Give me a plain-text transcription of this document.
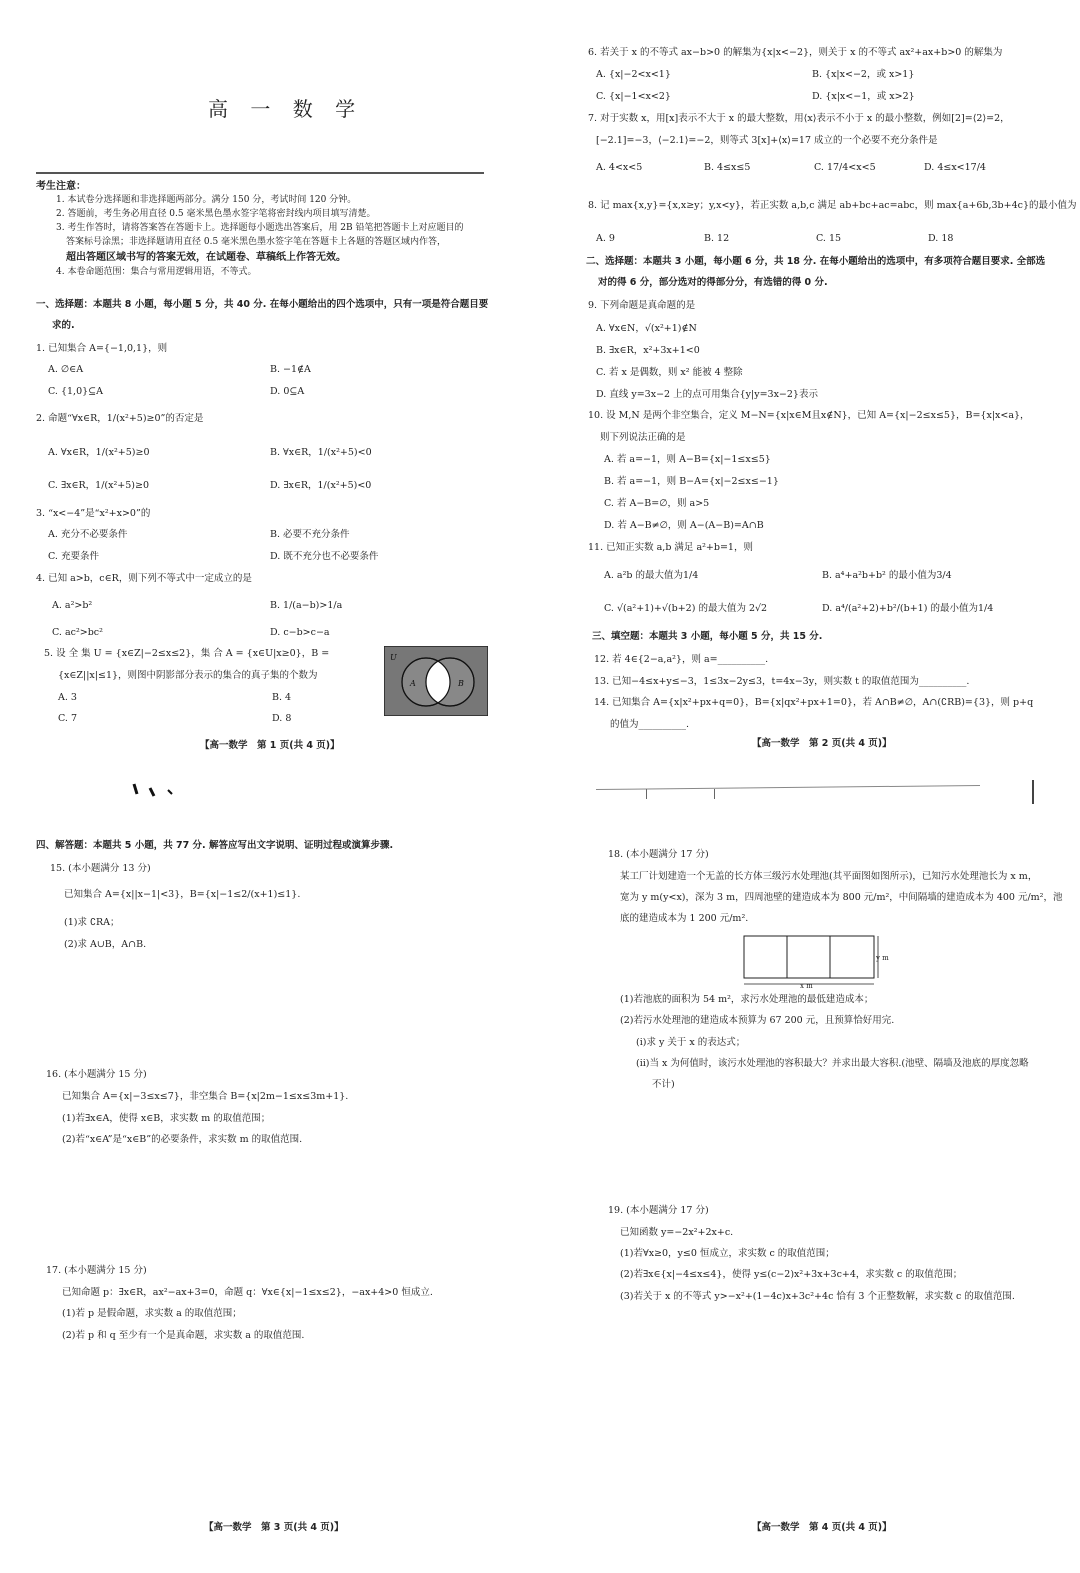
高 一 数 学
考生注意：
1. 本试卷分选择题和非选择题两部分。满分 150 分，考试时间 120 分钟。
2. 答题前，考生务必用直径 0.5 毫米黑色墨水签字笔将密封线内项目填写清楚。
3. 考生作答时，请将答案答在答题卡上。选择题每小题选出答案后，用 2B 铅笔把答题卡上对应题目的
答案标号涂黑；非选择题请用直径 0.5 毫米黑色墨水签字笔在答题卡上各题的答题区域内作答，
超出答题区域书写的答案无效，在试题卷、草稿纸上作答无效。
4. 本卷命题范围：集合与常用逻辑用语，不等式。
一、选择题：本题共 8 小题，每小题 5 分，共 40 分. 在每小题给出的四个选项中，只有一项是符合题目要
求的.
1. 已知集合 A={−1,0,1}，则
A. ∅∈A	B. −1∉A
C. {1,0}⊆A	D. 0⊆A
2. 命题“∀x∈R，1/(x²+5)≥0”的否定是
A. ∀x∈R，1/(x²+5)≥0	B. ∀x∈R，1/(x²+5)<0
C. ∃x∈R，1/(x²+5)≥0	D. ∃x∈R，1/(x²+5)<0
3. “x<−4”是“x²+x>0”的
A. 充分不必要条件	B. 必要不充分条件
C. 充要条件	D. 既不充分也不必要条件
4. 已知 a>b，c∈R，则下列不等式中一定成立的是
A. a²>b²	B. 1/(a−b)>1/a
C. ac²>bc²	D. c−b>c−a
5. 设 全 集 U = {x∈Z|−2≤x≤2}，集 合 A = {x∈U|x≥0}，B =
{x∈Z||x|≤1}，则图中阴影部分表示的集合的真子集的个数为
A. 3	B. 4
C. 7	D. 8
U
A	B
【高一数学　第 1 页(共 4 页)】
6. 若关于 x 的不等式 ax−b>0 的解集为{x|x<−2}，则关于 x 的不等式 ax²+ax+b>0 的解集为
A. {x|−2<x<1}	B. {x|x<−2，或 x>1}
C. {x|−1<x<2}	D. {x|x<−1，或 x>2}
7. 对于实数 x，用[x]表示不大于 x 的最大整数，用⟨x⟩表示不小于 x 的最小整数，例如[2]=⟨2⟩=2，
[−2.1]=−3，⟨−2.1⟩=−2，则等式 3[x]+⟨x⟩=17 成立的一个必要不充分条件是
A. 4<x<5	B. 4≤x≤5	C. 17/4<x<5	D. 4≤x<17/4
8. 记 max{x,y}={x,x≥y；y,x<y}，若正实数 a,b,c 满足 ab+bc+ac=abc，则 max{a+6b,3b+4c}的最小值为
A. 9	B. 12	C. 15	D. 18
二、选择题：本题共 3 小题，每小题 6 分，共 18 分. 在每小题给出的选项中，有多项符合题目要求. 全部选
对的得 6 分，部分选对的得部分分，有选错的得 0 分.
9. 下列命题是真命题的是
A. ∀x∈N，√(x²+1)∉N
B. ∃x∈R，x²+3x+1<0
C. 若 x 是偶数，则 x² 能被 4 整除
D. 直线 y=3x−2 上的点可用集合{y|y=3x−2}表示
10. 设 M,N 是两个非空集合，定义 M−N={x|x∈M且x∉N}，已知 A={x|−2≤x≤5}，B={x|x<a}，
则下列说法正确的是
A. 若 a=−1，则 A−B={x|−1≤x≤5}
B. 若 a=−1，则 B−A={x|−2≤x≤−1}
C. 若 A−B=∅，则 a>5
D. 若 A−B≠∅，则 A−(A−B)=A∩B
11. 已知正实数 a,b 满足 a²+b=1，则
A. a²b 的最大值为1/4	B. a⁴+a²b+b² 的最小值为3/4
C. √(a²+1)+√(b+2) 的最大值为 2√2	D. a⁴/(a²+2)+b²/(b+1) 的最小值为1/4
三、填空题：本题共 3 小题，每小题 5 分，共 15 分.
12. 若 4∈{2−a,a²}，则 a=__________.
13. 已知−4≤x+y≤−3，1≤3x−2y≤3，t=4x−3y，则实数 t 的取值范围为__________.
14. 已知集合 A={x|x²+px+q=0}，B={x|qx²+px+1=0}，若 A∩B≠∅，A∩(∁RB)={3}，则 p+q
的值为__________.
【高一数学　第 2 页(共 4 页)】
四、解答题：本题共 5 小题，共 77 分. 解答应写出文字说明、证明过程或演算步骤.
15. (本小题满分 13 分)
已知集合 A={x||x−1|<3}，B={x|−1≤2/(x+1)≤1}.
(1)求 ∁RA；
(2)求 A∪B，A∩B.
16. (本小题满分 15 分)
已知集合 A={x|−3≤x≤7}，非空集合 B={x|2m−1≤x≤3m+1}.
(1)若∃x∈A，使得 x∈B，求实数 m 的取值范围；
(2)若“x∈A”是“x∈B”的必要条件，求实数 m 的取值范围.
17. (本小题满分 15 分)
已知命题 p：∃x∈R，ax²−ax+3=0，命题 q：∀x∈{x|−1≤x≤2}，−ax+4>0 恒成立.
(1)若 p 是假命题，求实数 a 的取值范围；
(2)若 p 和 q 至少有一个是真命题，求实数 a 的取值范围.
【高一数学　第 3 页(共 4 页)】
18. (本小题满分 17 分)
某工厂计划建造一个无盖的长方体三级污水处理池(其平面图如图所示)，已知污水处理池长为 x m，
宽为 y m(y<x)，深为 3 m，四周池壁的建造成本为 800 元/m²，中间隔墙的建造成本为 400 元/m²，池
底的建造成本为 1 200 元/m².
y m
x m
(1)若池底的面积为 54 m²，求污水处理池的最低建造成本；
(2)若污水处理池的建造成本预算为 67 200 元，且预算恰好用完.
(ⅰ)求 y 关于 x 的表达式；
(ⅱ)当 x 为何值时，该污水处理池的容积最大？并求出最大容积.(池壁、隔墙及池底的厚度忽略
不计)
19. (本小题满分 17 分)
已知函数 y=−2x²+2x+c.
(1)若∀x≥0，y≤0 恒成立，求实数 c 的取值范围；
(2)若∃x∈{x|−4≤x≤4}，使得 y≤(c−2)x²+3x+3c+4，求实数 c 的取值范围；
(3)若关于 x 的不等式 y>−x²+(1−4c)x+3c²+4c 恰有 3 个正整数解，求实数 c 的取值范围.
【高一数学　第 4 页(共 4 页)】
